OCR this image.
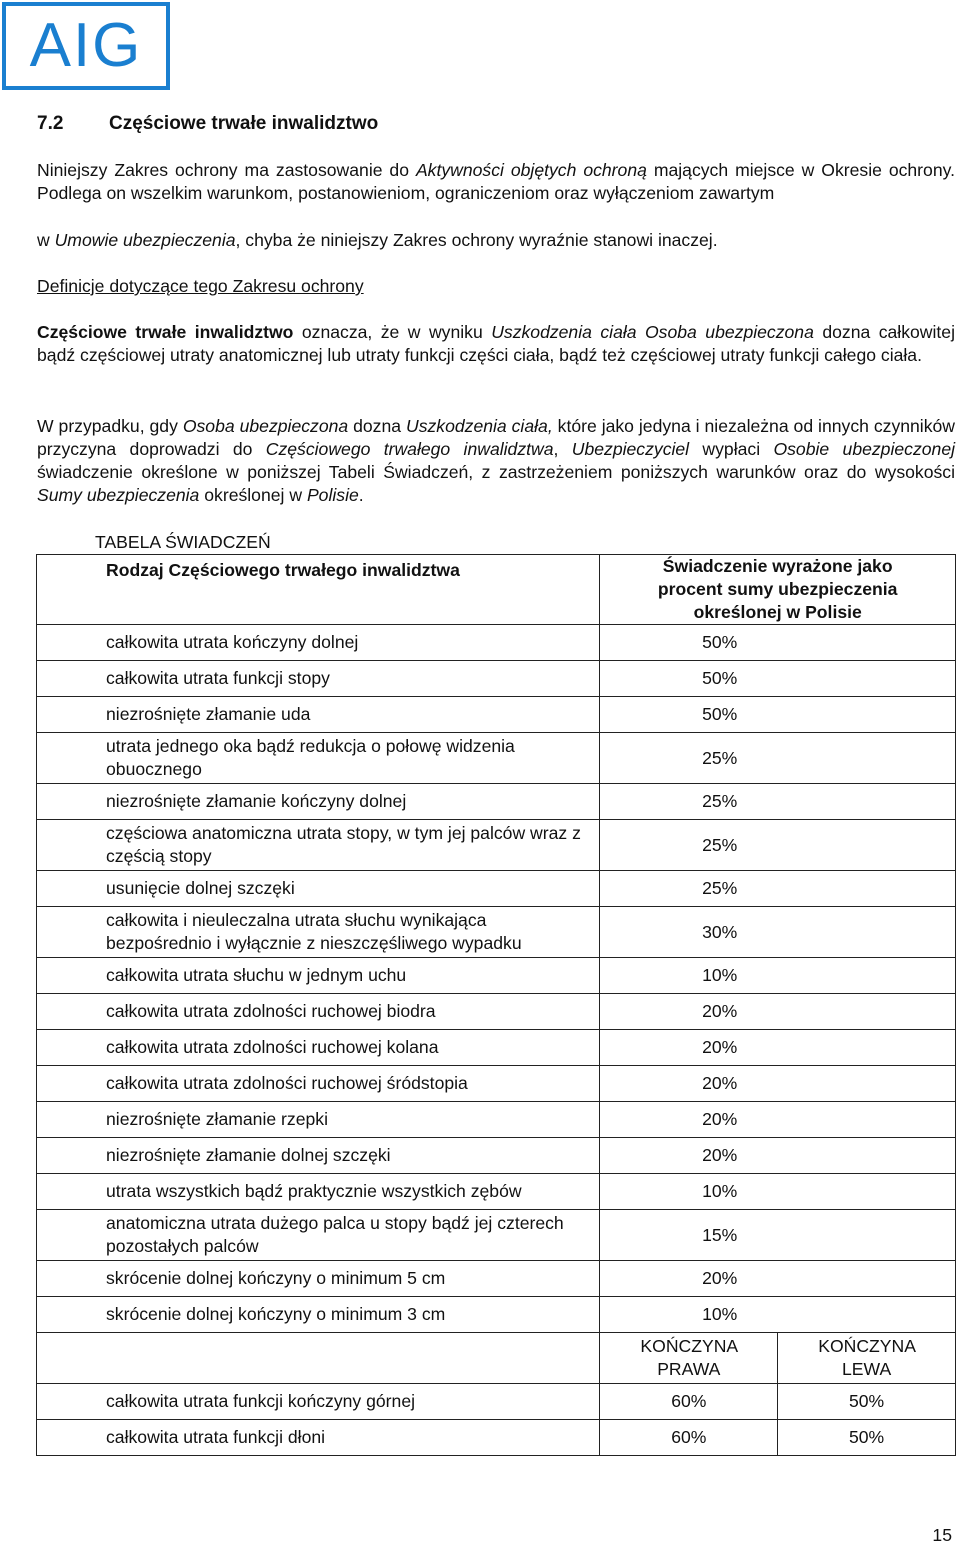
AIG
7.2 Częściowe trwałe inwalidztwo
Niniejszy Zakres ochrony ma zastosowanie do Aktywności objętych ochroną mających miejsce w Okresie ochrony. Podlega on wszelkim warunkom, postanowieniom, ograniczeniom oraz wyłączeniom zawartym
w Umowie ubezpieczenia, chyba że niniejszy Zakres ochrony wyraźnie stanowi inaczej.
Definicje dotyczące tego Zakresu ochrony
Częściowe trwałe inwalidztwo oznacza, że w wyniku Uszkodzenia ciała Osoba ubezpieczona dozna całkowitej bądź częściowej utraty anatomicznej lub utraty funkcji części ciała, bądź też częściowej utraty funkcji całego ciała.
W przypadku, gdy Osoba ubezpieczona dozna Uszkodzenia ciała, które jako jedyna i niezależna od innych czynników przyczyna doprowadzi do Częściowego trwałego inwalidztwa, Ubezpieczyciel wypłaci Osobie ubezpieczonej świadczenie określone w poniższej Tabeli Świadczeń, z zastrzeżeniem poniższych warunków oraz do wysokości Sumy ubezpieczenia określonej w Polisie.
TABELA ŚWIADCZEŃ
Rodzaj Częściowego trwałego inwalidztwa	Świadczenie wyrażone jako procent sumy ubezpieczenia określonej w Polisie	
całkowita utrata kończyny dolnej	50%	
całkowita utrata funkcji stopy	50%	
niezrośnięte złamanie uda	50%	
utrata jednego oka bądź redukcja o połowę widzenia obuocznego	25%	
niezrośnięte złamanie kończyny dolnej	25%	
częściowa anatomiczna utrata stopy, w tym jej palców wraz z częścią stopy	25%	
usunięcie dolnej szczęki	25%	
całkowita i nieuleczalna utrata słuchu wynikająca bezpośrednio i wyłącznie z nieszczęśliwego wypadku	30%	
całkowita utrata słuchu w jednym uchu	10%	
całkowita utrata zdolności ruchowej biodra	20%	
całkowita utrata zdolności ruchowej kolana	20%	
całkowita utrata zdolności ruchowej śródstopia	20%	
niezrośnięte złamanie rzepki	20%	
niezrośnięte złamanie dolnej szczęki	20%	
utrata wszystkich bądź praktycznie wszystkich zębów	10%	
anatomiczna utrata dużego palca u stopy bądź jej czterech pozostałych palców	15%	
skrócenie dolnej kończyny o minimum 5 cm	20%	
skrócenie dolnej kończyny o minimum 3 cm	10%	
	KOŃCZYNA PRAWA	KOŃCZYNA LEWA
całkowita utrata funkcji kończyny górnej	60%	50%
całkowita utrata funkcji dłoni	60%	50%
15
